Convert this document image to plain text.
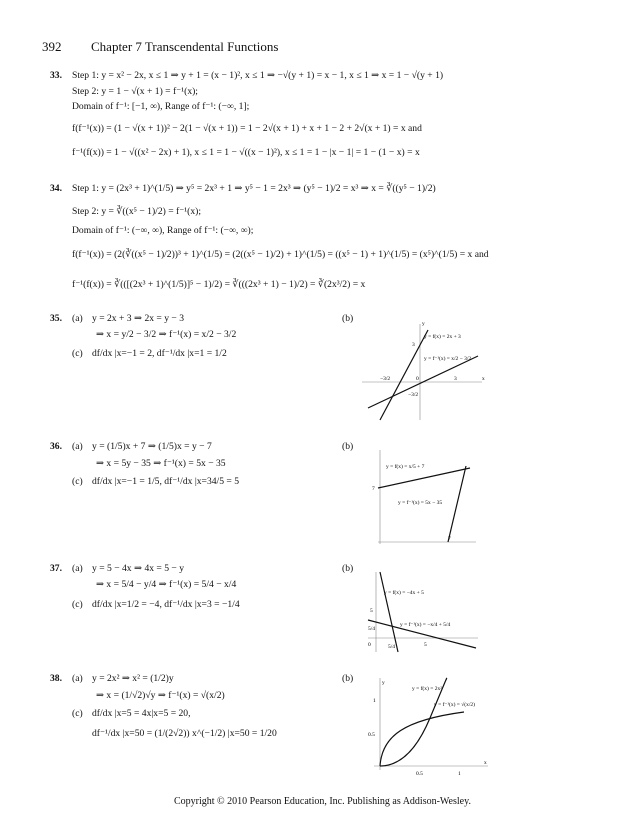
392 Chapter 7 Transcendental Functions
33. Step 1: y = x² − 2x, x ≤ 1 ⇒ y + 1 = (x − 1)², x ≤ 1 ⇒ −√(y + 1) = x − 1, x ≤ 1 ⇒ x = 1 − √(y + 1)
Step 2: y = 1 − √(x + 1) = f⁻¹(x);
Domain of f⁻¹: [−1, ∞), Range of f⁻¹: (−∞, 1];
f(f⁻¹(x)) = (1 − √(x + 1))² − 2(1 − √(x + 1)) = 1 − 2√(x + 1) + x + 1 − 2 + 2√(x + 1) = x and
f⁻¹(f(x)) = 1 − √((x² − 2x) + 1), x ≤ 1 = 1 − √((x − 1)²), x ≤ 1 = 1 − |x − 1| = 1 − (1 − x) = x
34. Step 1: y = (2x³ + 1)^(1/5) ⇒ y⁵ = 2x³ + 1 ⇒ y⁵ − 1 = 2x³ ⇒ (y⁵ − 1)/2 = x³ ⇒ x = ∛((y⁵ − 1)/2)
Step 2: y = ∛((x⁵ − 1)/2) = f⁻¹(x);
Domain of f⁻¹: (−∞, ∞), Range of f⁻¹: (−∞, ∞);
f(f⁻¹(x)) = (2(∛((x⁵ − 1)/2))³ + 1)^(1/5) = (2((x⁵ − 1)/2) + 1)^(1/5) = ((x⁵ − 1) + 1)^(1/5) = (x⁵)^(1/5) = x and
f⁻¹(f(x)) = ∛(([(2x³ + 1)^(1/5)]⁵ − 1)/2) = ∛(((2x³ + 1) − 1)/2) = ∛(2x³/2) = x
35. (a) y = 2x + 3 ⇒ 2x = y − 3
⇒ x = y/2 − 3/2 ⇒ f⁻¹(x) = x/2 − 3/2
(c) df/dx |x=−1 = 2, df⁻¹/dx |x=1 = 1/2
(b)	y
x
y = f(x) = 2x + 3
y = f⁻¹(x) = x/2 − 3/2
3
−3/2	0	3
−3/2
36. (a) y = (1/5)x + 7 ⇒ (1/5)x = y − 7
⇒ x = 5y − 35 ⇒ f⁻¹(x) = 5x − 35
(c) df/dx |x=−1 = 1/5, df⁻¹/dx |x=34/5 = 5
(b)
y = f(x) = x/5 + 7
y = f⁻¹(x) = 5x − 35
7
7
37. (a) y = 5 − 4x ⇒ 4x = 5 − y
⇒ x = 5/4 − y/4 ⇒ f⁻¹(x) = 5/4 − x/4
(c) df/dx |x=1/2 = −4, df⁻¹/dx |x=3 = −1/4
(b)
y = f(x) = −4x + 5
y = f⁻¹(x) = −x/4 + 5/4
5
5/4
0	5/4	5
38. (a) y = 2x² ⇒ x² = (1/2)y
⇒ x = (1/√2)√y ⇒ f⁻¹(x) = √(x/2)
(c) df/dx |x=5 = 4x|x=5 = 20,
df⁻¹/dx |x=50 = (1/(2√2)) x^(−1/2) |x=50 = 1/20
(b)	y
x
y = f(x) = 2x²
y = f⁻¹(x) = √(x/2)
1
0.5
0.5	1
Copyright © 2010 Pearson Education, Inc. Publishing as Addison-Wesley.
